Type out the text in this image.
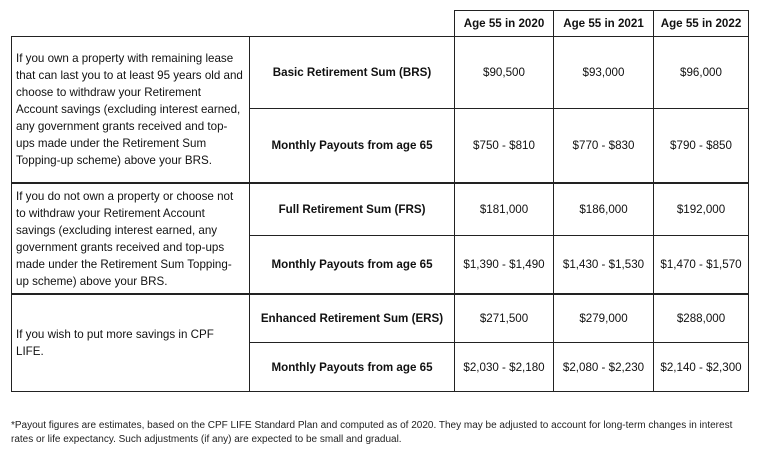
		Age 55 in 2020	Age 55 in 2021	Age 55 in 2022
If you own a property with remaining lease that can last you to at least 95 years old and choose to withdraw your Retirement Account savings (excluding interest earned, any government grants received and top-ups made under the Retirement Sum Topping-up scheme) above your BRS.	Basic Retirement Sum (BRS)	$90,500	$93,000	$96,000
	Monthly Payouts from age 65	$750 - $810	$770 - $830	$790 - $850
If you do not own a property or choose not to withdraw your Retirement Account savings (excluding interest earned, any government grants received and top-ups made under the Retirement Sum Topping-up scheme) above your BRS.	Full Retirement Sum (FRS)	$181,000	$186,000	$192,000
	Monthly Payouts from age 65	$1,390 - $1,490	$1,430 - $1,530	$1,470 - $1,570
If you wish to put more savings in CPF LIFE.	Enhanced Retirement Sum (ERS)	$271,500	$279,000	$288,000
	Monthly Payouts from age 65	$2,030 - $2,180	$2,080 - $2,230	$2,140 - $2,300
*Payout figures are estimates, based on the CPF LIFE Standard Plan and computed as of 2020. They may be adjusted to account for long-term changes in interest rates or life expectancy. Such adjustments (if any) are expected to be small and gradual.
